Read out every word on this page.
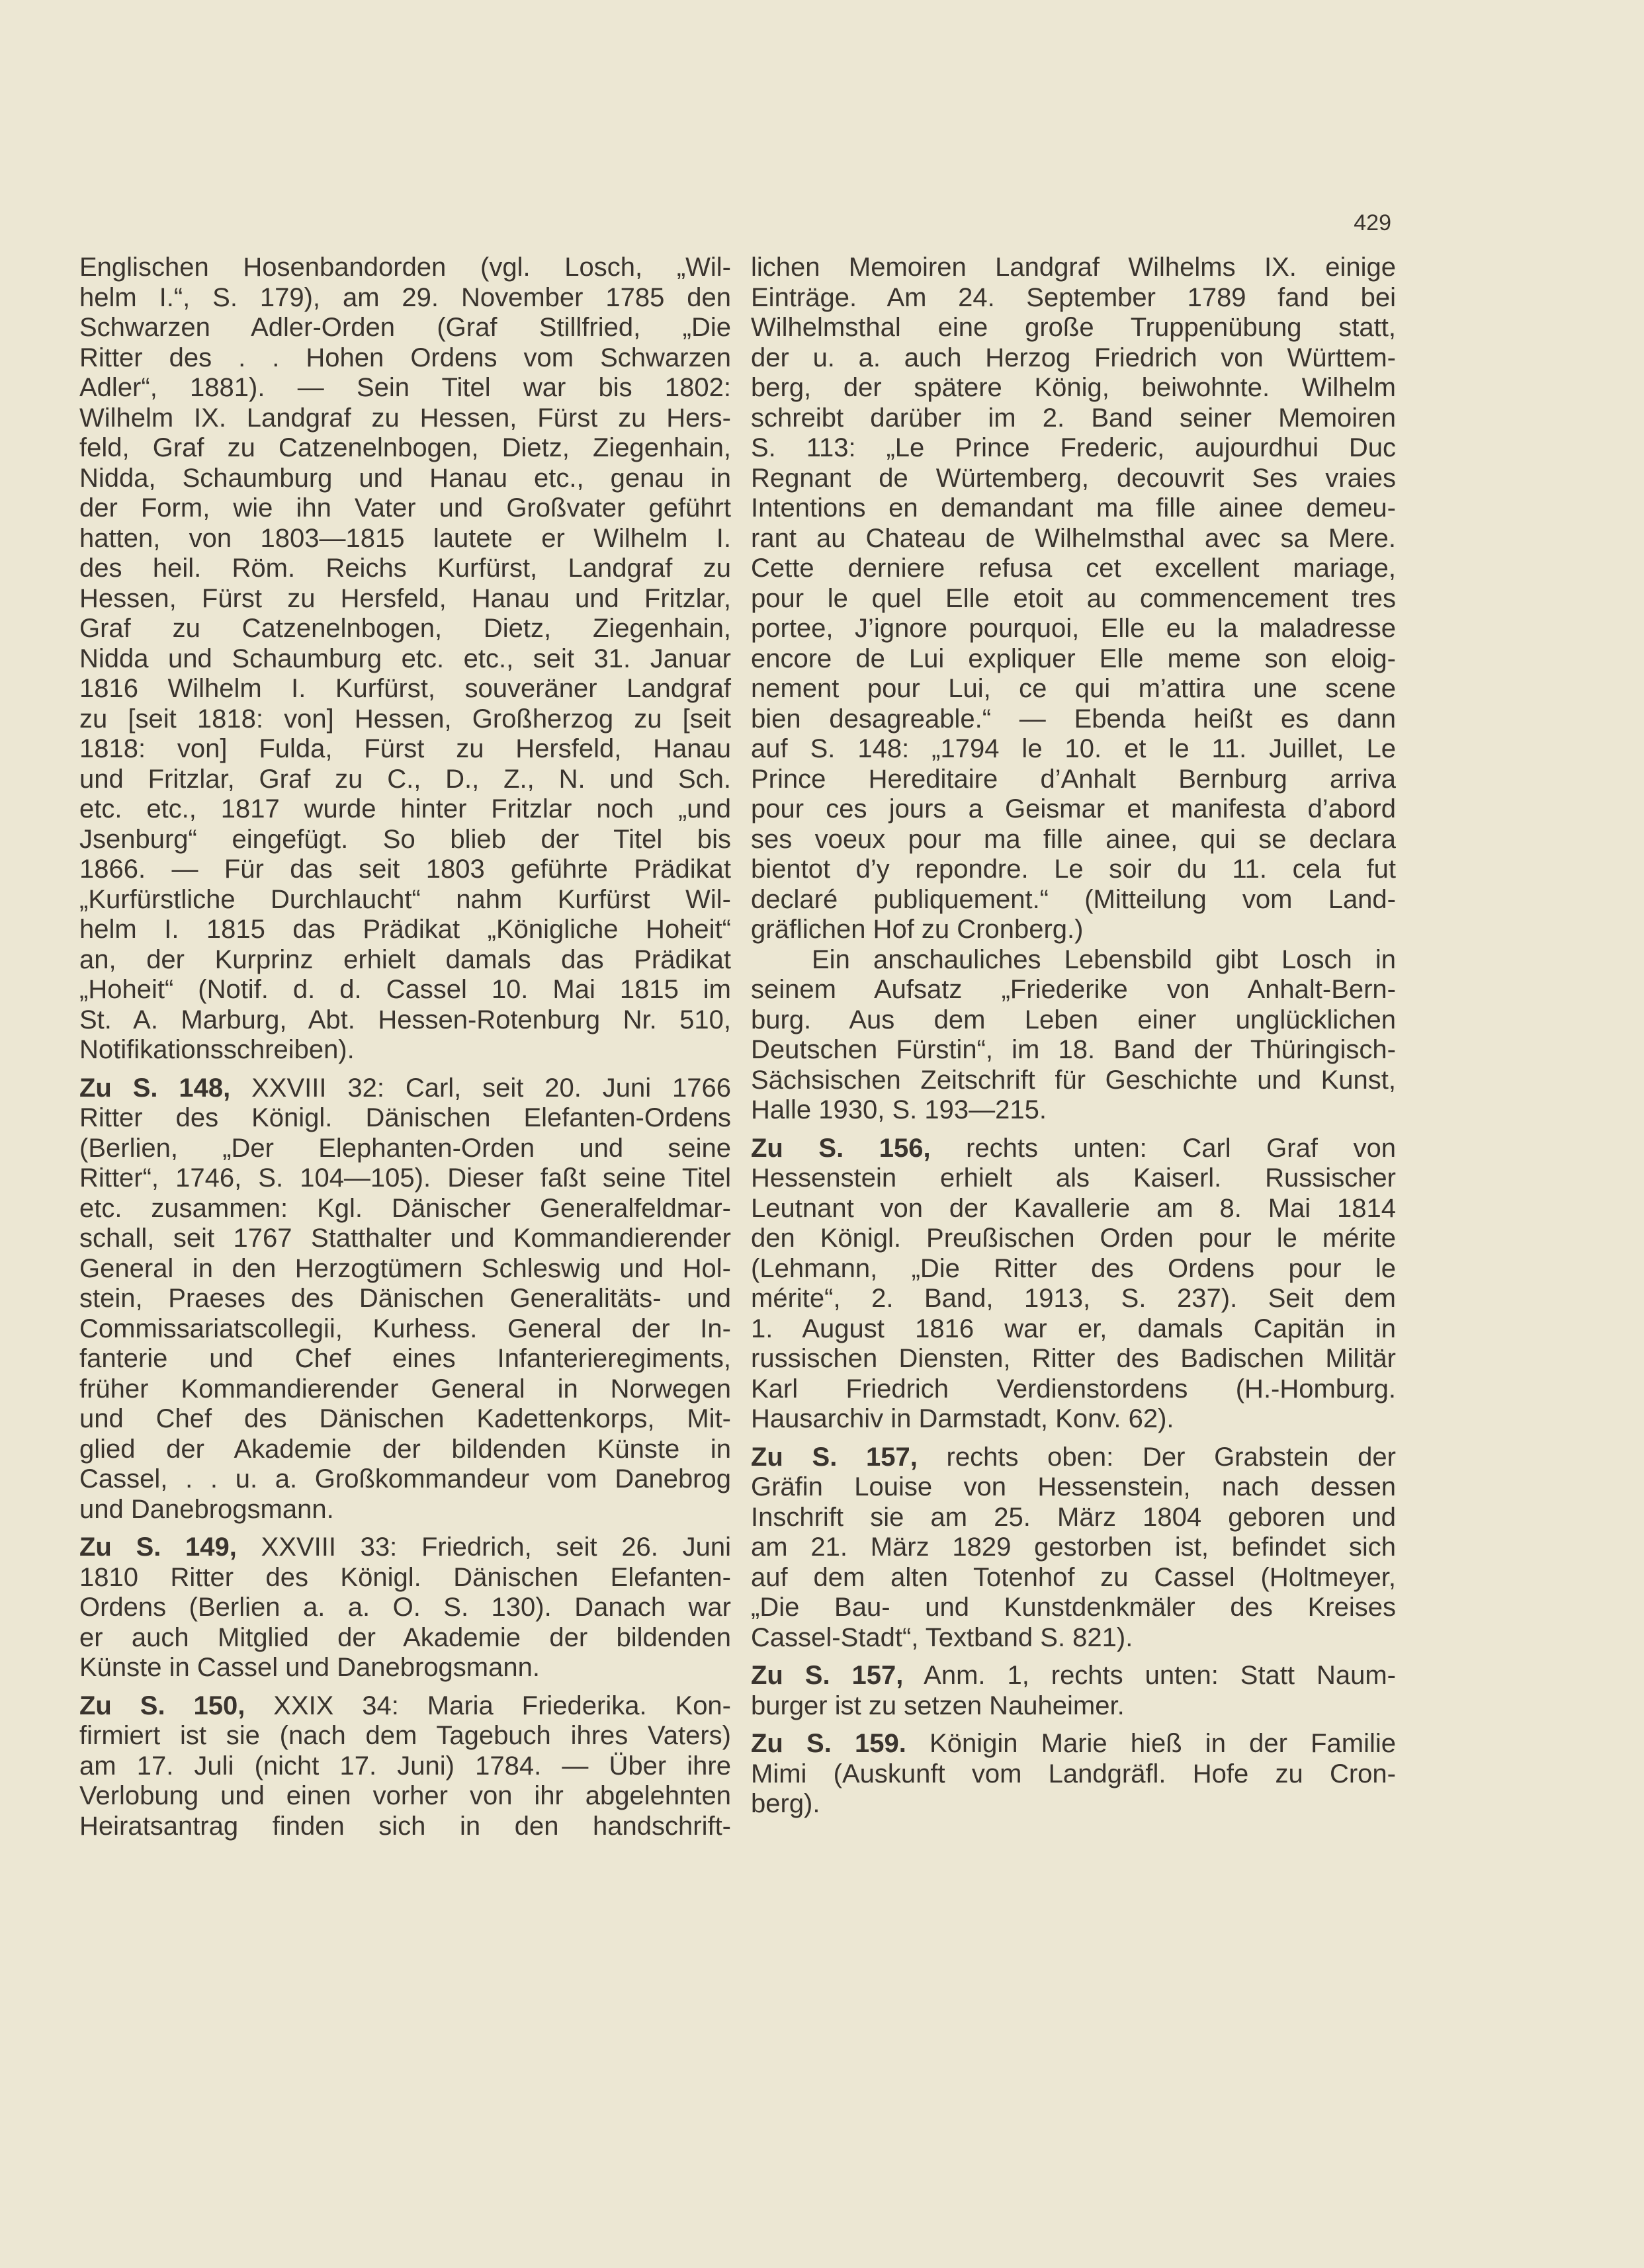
429
Englischen Hosenbandorden (vgl. Losch, „Wil-
helm I.“, S. 179), am 29. November 1785 den
Schwarzen Adler-Orden (Graf Stillfried, „Die
Ritter des . . Hohen Ordens vom Schwarzen
Adler“, 1881). — Sein Titel war bis 1802:
Wilhelm IX. Landgraf zu Hessen, Fürst zu Hers-
feld, Graf zu Catzenelnbogen, Dietz, Ziegenhain,
Nidda, Schaumburg und Hanau etc., genau in
der Form, wie ihn Vater und Großvater geführt
hatten, von 1803—1815 lautete er Wilhelm I.
des heil. Röm. Reichs Kurfürst, Landgraf zu
Hessen, Fürst zu Hersfeld, Hanau und Fritzlar,
Graf zu Catzenelnbogen, Dietz, Ziegenhain,
Nidda und Schaumburg etc. etc., seit 31. Januar
1816 Wilhelm I. Kurfürst, souveräner Landgraf
zu [seit 1818: von] Hessen, Großherzog zu [seit
1818: von] Fulda, Fürst zu Hersfeld, Hanau
und Fritzlar, Graf zu C., D., Z., N. und Sch.
etc. etc., 1817 wurde hinter Fritzlar noch „und
Jsenburg“ eingefügt. So blieb der Titel bis
1866. — Für das seit 1803 geführte Prädikat
„Kurfürstliche Durchlaucht“ nahm Kurfürst Wil-
helm I. 1815 das Prädikat „Königliche Hoheit“
an, der Kurprinz erhielt damals das Prädikat
„Hoheit“ (Notif. d. d. Cassel 10. Mai 1815 im
St. A. Marburg, Abt. Hessen-Rotenburg Nr. 510,
Notifikationsschreiben).
Zu S. 148, XXVIII 32: Carl, seit 20. Juni 1766
Ritter des Königl. Dänischen Elefanten-Ordens
(Berlien, „Der Elephanten-Orden und seine
Ritter“, 1746, S. 104—105). Dieser faßt seine Titel
etc. zusammen: Kgl. Dänischer Generalfeldmar-
schall, seit 1767 Statthalter und Kommandierender
General in den Herzogtümern Schleswig und Hol-
stein, Praeses des Dänischen Generalitäts- und
Commissariatscollegii, Kurhess. General der In-
fanterie und Chef eines Infanterieregiments,
früher Kommandierender General in Norwegen
und Chef des Dänischen Kadettenkorps, Mit-
glied der Akademie der bildenden Künste in
Cassel, . . u. a. Großkommandeur vom Danebrog
und Danebrogsmann.
Zu S. 149, XXVIII 33: Friedrich, seit 26. Juni
1810 Ritter des Königl. Dänischen Elefanten-
Ordens (Berlien a. a. O. S. 130). Danach war
er auch Mitglied der Akademie der bildenden
Künste in Cassel und Danebrogsmann.
Zu S. 150, XXIX 34: Maria Friederika. Kon-
firmiert ist sie (nach dem Tagebuch ihres Vaters)
am 17. Juli (nicht 17. Juni) 1784. — Über ihre
Verlobung und einen vorher von ihr abgelehnten
Heiratsantrag finden sich in den handschrift-
lichen Memoiren Landgraf Wilhelms IX. einige
Einträge. Am 24. September 1789 fand bei
Wilhelmsthal eine große Truppenübung statt,
der u. a. auch Herzog Friedrich von Württem-
berg, der spätere König, beiwohnte. Wilhelm
schreibt darüber im 2. Band seiner Memoiren
S. 113: „Le Prince Frederic, aujourdhui Duc
Regnant de Würtemberg, decouvrit Ses vraies
Intentions en demandant ma fille ainee demeu-
rant au Chateau de Wilhelmsthal avec sa Mere.
Cette derniere refusa cet excellent mariage,
pour le quel Elle etoit au commencement tres
portee, J’ignore pourquoi, Elle eu la maladresse
encore de Lui expliquer Elle meme son eloig-
nement pour Lui, ce qui m’attira une scene
bien desagreable.“ — Ebenda heißt es dann
auf S. 148: „1794 le 10. et le 11. Juillet, Le
Prince Hereditaire d’Anhalt Bernburg arriva
pour ces jours a Geismar et manifesta d’abord
ses voeux pour ma fille ainee, qui se declara
bientot d’y repondre. Le soir du 11. cela fut
declaré publiquement.“ (Mitteilung vom Land-
gräflichen Hof zu Cronberg.)
Ein anschauliches Lebensbild gibt Losch in
seinem Aufsatz „Friederike von Anhalt-Bern-
burg. Aus dem Leben einer unglücklichen
Deutschen Fürstin“, im 18. Band der Thüringisch-
Sächsischen Zeitschrift für Geschichte und Kunst,
Halle 1930, S. 193—215.
Zu S. 156, rechts unten: Carl Graf von
Hessenstein erhielt als Kaiserl. Russischer
Leutnant von der Kavallerie am 8. Mai 1814
den Königl. Preußischen Orden pour le mérite
(Lehmann, „Die Ritter des Ordens pour le
mérite“, 2. Band, 1913, S. 237). Seit dem
1. August 1816 war er, damals Capitän in
russischen Diensten, Ritter des Badischen Militär
Karl Friedrich Verdienstordens (H.-Homburg.
Hausarchiv in Darmstadt, Konv. 62).
Zu S. 157, rechts oben: Der Grabstein der
Gräfin Louise von Hessenstein, nach dessen
Inschrift sie am 25. März 1804 geboren und
am 21. März 1829 gestorben ist, befindet sich
auf dem alten Totenhof zu Cassel (Holtmeyer,
„Die Bau- und Kunstdenkmäler des Kreises
Cassel-Stadt“, Textband S. 821).
Zu S. 157, Anm. 1, rechts unten: Statt Naum-
burger ist zu setzen Nauheimer.
Zu S. 159. Königin Marie hieß in der Familie
Mimi (Auskunft vom Landgräfl. Hofe zu Cron-
berg).
